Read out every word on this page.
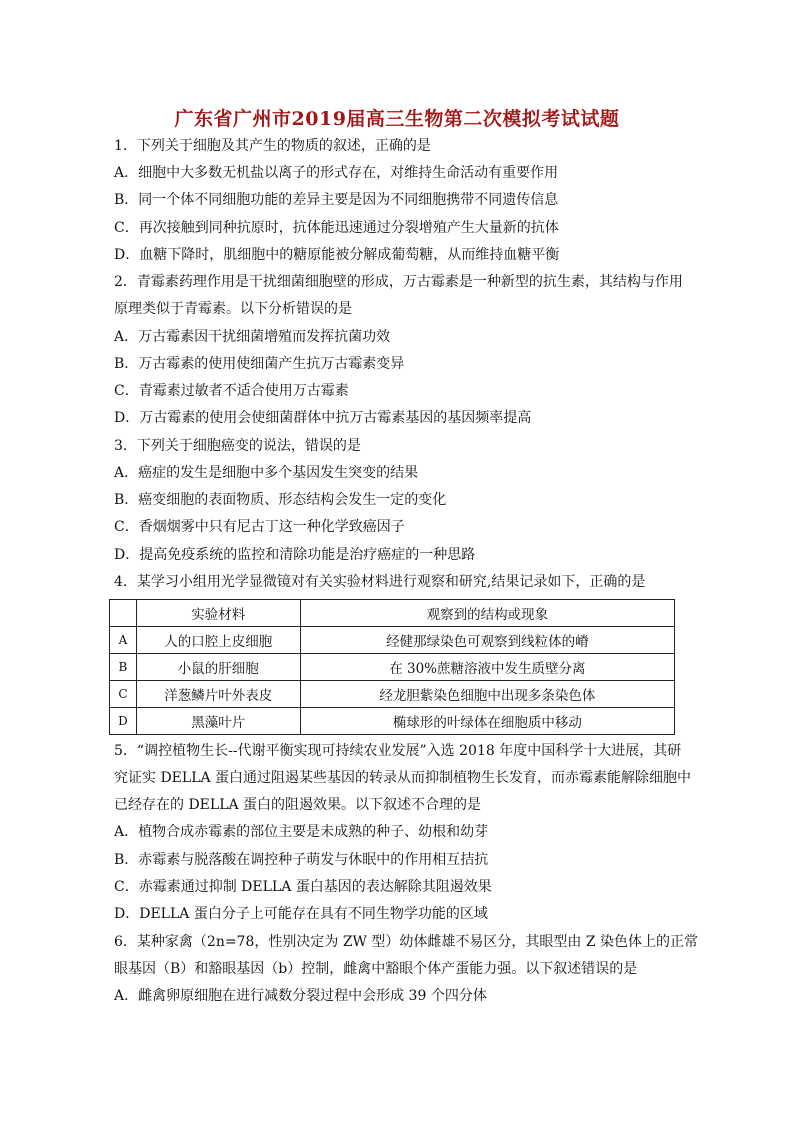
广东省广州市2019届高三生物第二次模拟考试试题
1．下列关于细胞及其产生的物质的叙述，正确的是
A．细胞中大多数无机盐以离子的形式存在，对维持生命活动有重要作用
B．同一个体不同细胞功能的差异主要是因为不同细胞携带不同遗传信息
C．再次接触到同种抗原时，抗体能迅速通过分裂增殖产生大量新的抗体
D．血糖下降时，肌细胞中的糖原能被分解成葡萄糖，从而维持血糖平衡
2．青霉素药理作用是干扰细菌细胞壁的形成，万古霉素是一种新型的抗生素，其结构与作用
原理类似于青霉素。以下分析错误的是
A．万古霉素因干扰细菌增殖而发挥抗菌功效
B．万古霉素的使用使细菌产生抗万古霉素变异
C．青霉素过敏者不适合使用万古霉素
D．万古霉素的使用会使细菌群体中抗万古霉素基因的基因频率提高
3．下列关于细胞癌变的说法，错误的是
A．癌症的发生是细胞中多个基因发生突变的结果
B．癌变细胞的表面物质、形态结构会发生一定的变化
C．香烟烟雾中只有尼古丁这一种化学致癌因子
D．提高免疫系统的监控和清除功能是治疗癌症的一种思路
4．某学习小组用光学显微镜对有关实验材料进行观察和研究,结果记录如下，正确的是
	实验材料	观察到的结构或现象
A	人的口腔上皮细胞	经健那绿染色可观察到线粒体的嵴
B	小鼠的肝细胞	在 30%蔗糖溶液中发生质壁分离
C	洋葱鳞片叶外表皮	经龙胆紫染色细胞中出现多条染色体
D	黑藻叶片	椭球形的叶绿体在细胞质中移动
5．“调控植物生长--代谢平衡实现可持续农业发展”入选 2018 年度中国科学十大进展，其研
究证实 DELLA 蛋白通过阻遏某些基因的转录从而抑制植物生长发育，而赤霉素能解除细胞中
已经存在的 DELLA 蛋白的阻遏效果。以下叙述不合理的是
A．植物合成赤霉素的部位主要是未成熟的种子、幼根和幼芽
B．赤霉素与脱落酸在调控种子萌发与休眠中的作用相互拮抗
C．赤霉素通过抑制 DELLA 蛋白基因的表达解除其阻遏效果
D．DELLA 蛋白分子上可能存在具有不同生物学功能的区域
6．某种家禽（2n=78，性别决定为 ZW 型）幼体雌雄不易区分，其眼型由 Z 染色体上的正常
眼基因（B）和豁眼基因（b）控制，雌禽中豁眼个体产蛋能力强。以下叙述错误的是
A．雌禽卵原细胞在进行减数分裂过程中会形成 39 个四分体
